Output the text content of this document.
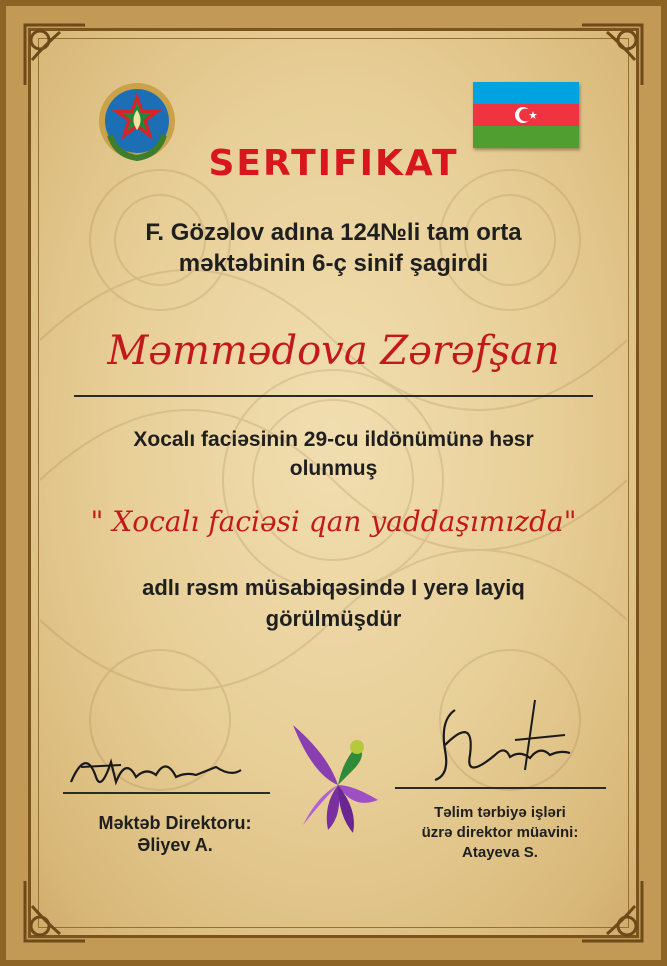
SERTIFIKAT
F. Gözəlov adına 124№li tam orta
məktəbinin 6-ç sinif şagirdi
Məmmədova Zərəfşan
Xocalı faciəsinin 29-cu ildönümünə həsr
olunmuş
" Xocalı faciəsi qan yaddaşımızda"
adlı rəsm müsabiqəsində I yerə layiq
görülmüşdür
Məktəb Direktoru:
Əliyev A.
Təlim tərbiyə işləri
üzrə direktor müavini:
Atayeva S.
